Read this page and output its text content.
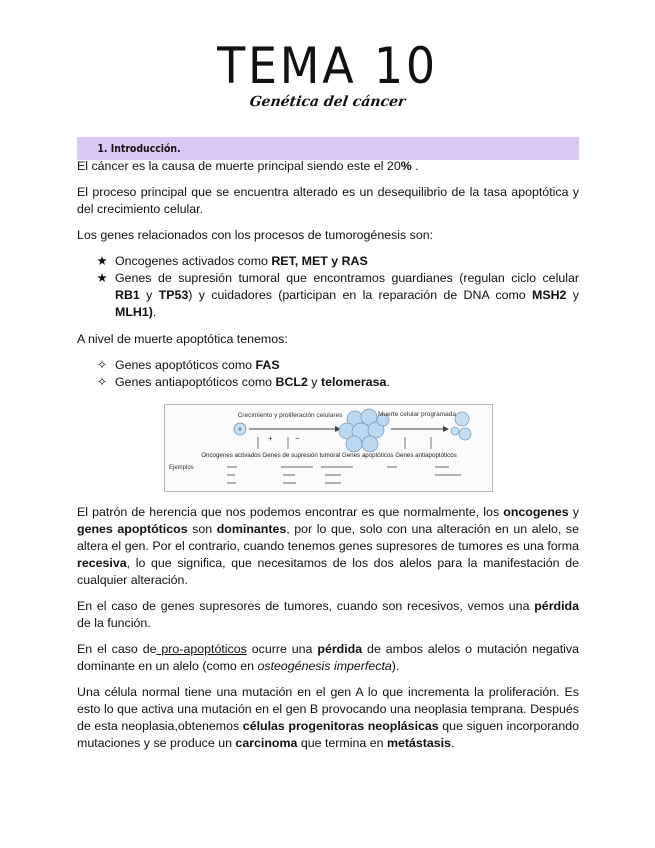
TEMA 10
Genética del cáncer
1. Introducción.

El cáncer es la causa de muerte principal siendo este el 20% .

El proceso principal que se encuentra alterado es un desequilibrio de la tasa apoptótica y del crecimiento celular.

Los genes relacionados con los procesos de tumorogénesis son:

★ Oncogenes activados como RET, MET y RAS
★ Genes de supresión tumoral que encontramos guardianes (regulan ciclo celular RB1 y TP53) y cuidadores (participan en la reparación de DNA como MSH2 y MLH1).

A nivel de muerte apoptótica tenemos:

✧ Genes apoptóticos como FAS
✧ Genes antiapoptóticos como BCL2 y telomerasa.
Crecimiento y proliferación celulares
+	−
Muerte celular programada
Oncogenes activados Genes de supresión tumoral Genes apoptóticos Genes antiapoptóticos
Ejemplos

El patrón de herencia que nos podemos encontrar es que normalmente, los oncogenes y genes apoptóticos son dominantes, por lo que, solo con una alteración en un alelo, se altera el gen. Por el contrario, cuando tenemos genes supresores de tumores es una forma recesiva, lo que significa, que necesitamos de los dos alelos para la manifestación de cualquier alteración.

En el caso de genes supresores de tumores, cuando son recesivos, vemos una pérdida de la función.

En el caso de pro-apoptóticos ocurre una pérdida de ambos alelos o mutación negativa dominante en un alelo (como en osteogénesis imperfecta).

Una célula normal tiene una mutación en el gen A lo que incrementa la proliferación. Es esto lo que activa una mutación en el gen B provocando una neoplasia temprana. Después de esta neoplasia,obtenemos células progenitoras neoplásicas que siguen incorporando mutaciones y se produce un carcinoma que termina en metástasis.
